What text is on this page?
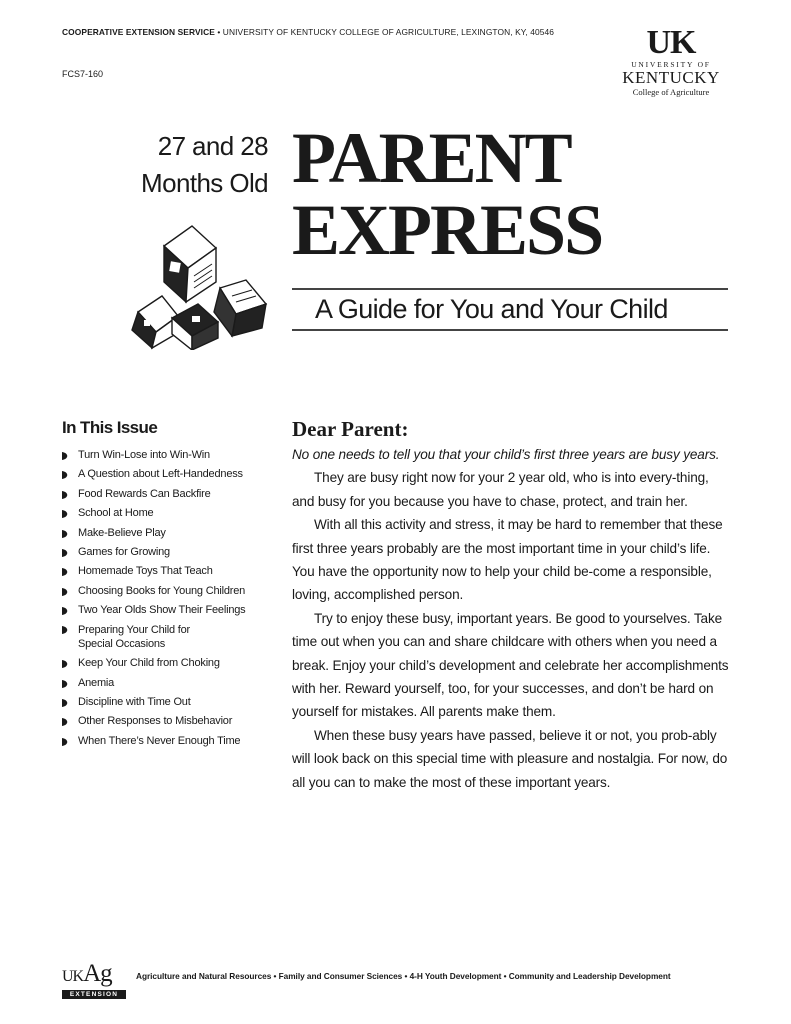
COOPERATIVE EXTENSION SERVICE • UNIVERSITY OF KENTUCKY COLLEGE OF AGRICULTURE, LEXINGTON, KY, 40546
FCS7-160
UK
UNIVERSITY OF
KENTUCKY
College of Agriculture
27 and 28
Months Old PARENT
EXPRESS
A Guide for You and Your Child
In This Issue
Turn Win-Lose into Win-Win
A Question about Left-Handedness
Food Rewards Can Backfire
School at Home
Make-Believe Play
Games for Growing
Homemade Toys That Teach
Choosing Books for Young Children
Two Year Olds Show Their Feelings
Preparing Your Child for
Special Occasions
Keep Your Child from Choking
Anemia
Discipline with Time Out
Other Responses to Misbehavior
When There’s Never Enough Time
Dear Parent:

No one needs to tell you that your child’s first three years are busy years.

They are busy right now for your 2 year old, who is into every-thing, and busy for you because you have to chase, protect, and train her.

With all this activity and stress, it may be hard to remember that these first three years probably are the most important time in your child’s life. You have the opportunity now to help your child be-come a responsible, loving, accomplished person.

Try to enjoy these busy, important years. Be good to yourselves. Take time out when you can and share childcare with others when you need a break. Enjoy your child’s development and celebrate her accomplishments with her. Reward yourself, too, for your successes, and don’t be hard on yourself for mistakes. All parents make them.

When these busy years have passed, believe it or not, you prob-ably will look back on this special time with pleasure and nostalgia. For now, do all you can to make the most of these important years.

UKAg
EXTENSION
Agriculture and Natural Resources • Family and Consumer Sciences • 4-H Youth Development • Community and Leadership Development
